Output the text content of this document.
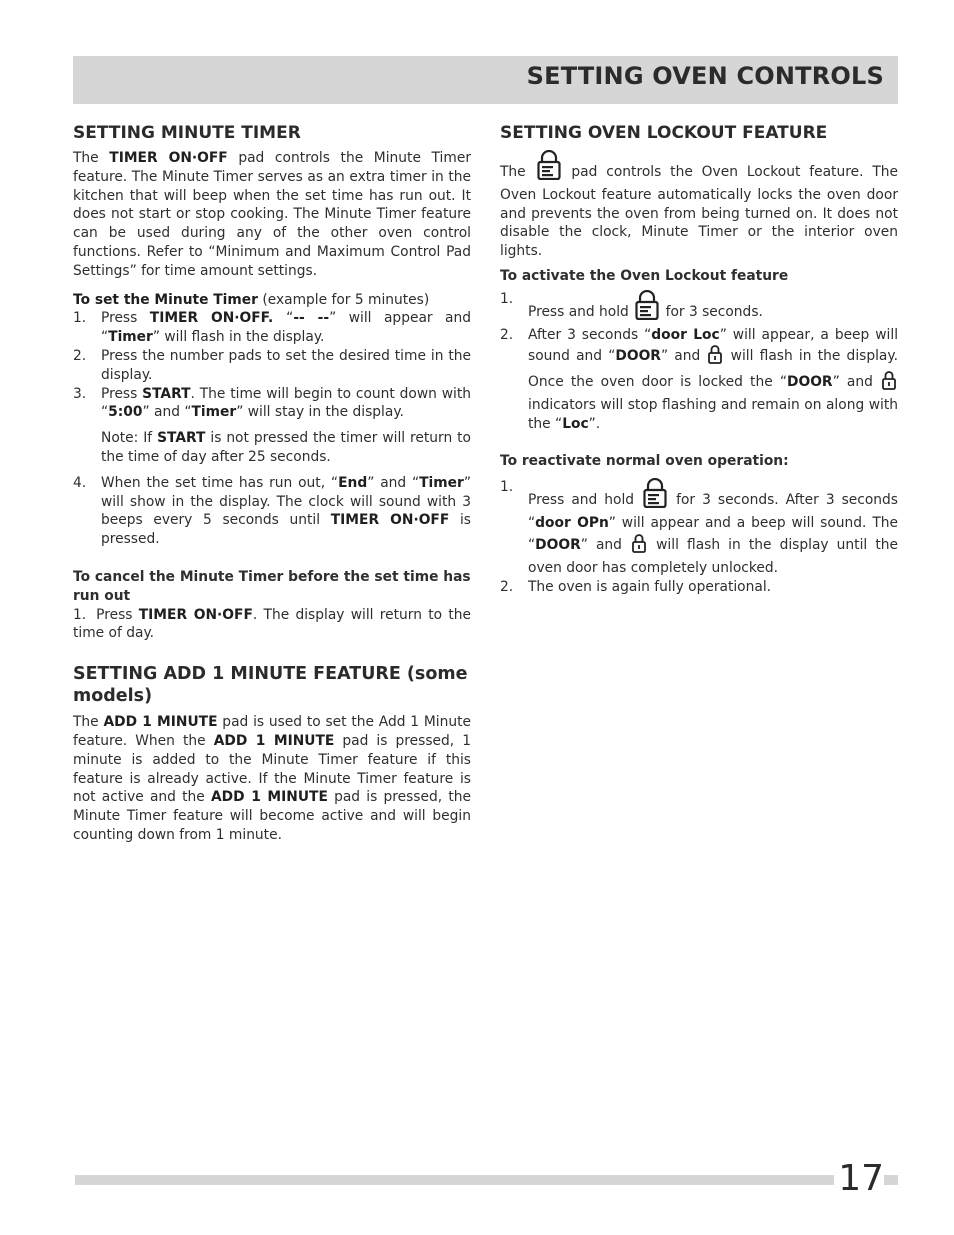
SETTING OVEN CONTROLS
SETTING MINUTE TIMER

The TIMER ON·OFF pad controls the Minute Timer feature. The Minute Timer serves as an extra timer in the kitchen that will beep when the set time has run out. It does not start or stop cooking. The Minute Timer feature can be used during any of the other oven control functions. Refer to “Minimum and Maximum Control Pad Settings” for time amount settings.

To set the Minute Timer (example for 5 minutes)

1. Press TIMER ON·OFF. “-- --” will appear and “Timer” will flash in the display.
2. Press the number pads to set the desired time in the display.
3. Press START. The time will begin to count down with “5:00” and “Timer” will stay in the display.

Note: If START is not pressed the timer will return to the time of day after 25 seconds.

4. When the set time has run out, “End” and “Timer” will show in the display. The clock will sound with 3 beeps every 5 seconds until TIMER ON·OFF is pressed.

To cancel the Minute Timer before the set time has run out

1. Press TIMER ON·OFF. The display will return to the time of day.

SETTING ADD 1 MINUTE FEATURE (some models)

The ADD 1 MINUTE pad is used to set the Add 1 Minute feature. When the ADD 1 MINUTE pad is pressed, 1 minute is added to the Minute Timer feature if this feature is already active. If the Minute Timer feature is not active and the ADD 1 MINUTE pad is pressed, the Minute Timer feature will become active and will begin counting down from 1 minute.

SETTING OVEN LOCKOUT FEATURE

The  pad controls the Oven Lockout feature. The Oven Lockout feature automatically locks the oven door and prevents the oven from being turned on. It does not disable the clock, Minute Timer or the interior oven lights.

To activate the Oven Lockout feature

1.
Press and hold  for 3 seconds.
2. After 3 seconds “door Loc” will appear, a beep will sound and “DOOR” and  will flash in the display. Once the oven door is locked the “DOOR” and  indicators will stop flashing and remain on along with the “Loc”.

To reactivate normal oven operation:

1.
Press and hold  for 3 seconds. After 3 seconds “door OPn” will appear and a beep will sound. The “DOOR” and  will flash in the display until the oven door has completely unlocked.
2. The oven is again fully operational.
17
